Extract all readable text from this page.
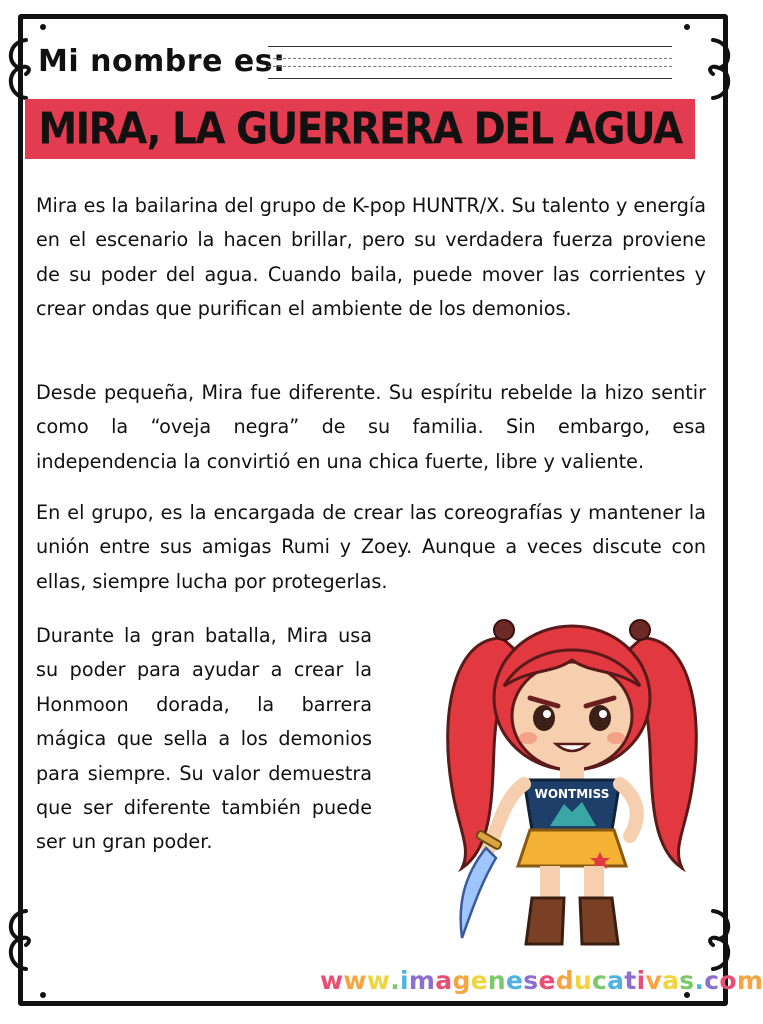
Mi nombre es:
MIRA, LA GUERRERA DEL AGUA

Mira es la bailarina del grupo de K-pop HUNTR/X. Su talento y energía en el escenario la hacen brillar, pero su verdadera fuerza proviene de su poder del agua. Cuando baila, puede mover las corrientes y crear ondas que purifican el ambiente de los demonios.

Desde pequeña, Mira fue diferente. Su espíritu rebelde la hizo sentir como la “oveja negra” de su familia. Sin embargo, esa independencia la convirtió en una chica fuerte, libre y valiente.

En el grupo, es la encargada de crear las coreografías y mantener la unión entre sus amigas Rumi y Zoey. Aunque a veces discute con ellas, siempre lucha por protegerlas.

Durante la gran batalla, Mira usa su poder para ayudar a crear la Honmoon dorada, la barrera mágica que sella a los demonios para siempre. Su valor demuestra que ser diferente también puede ser un gran poder.

WONTMISS
www.imageneseducativas.com
